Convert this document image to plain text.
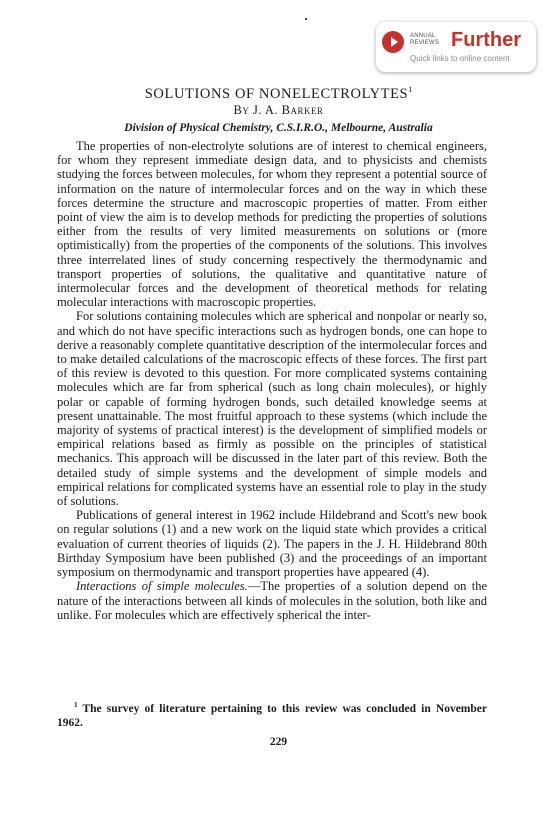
ANNUAL REVIEWS Further
Quick links to online content
SOLUTIONS OF NONELECTROLYTES$^1$
By J. A. Barker
Division of Physical Chemistry, C.S.I.R.O., Melbourne, Australia

The properties of non-electrolyte solutions are of interest to chemical engineers, for whom they represent immediate design data, and to physicists and chemists studying the forces between molecules, for whom they represent a potential source of information on the nature of intermolecular forces and on the way in which these forces determine the structure and macroscopic properties of matter. From either point of view the aim is to develop methods for predicting the properties of solutions either from the results of very limited measurements on solutions or (more optimistically) from the properties of the components of the solutions. This involves three interrelated lines of study concerning respectively the thermodynamic and transport properties of solutions, the qualitative and quantitative nature of intermolecular forces and the development of theoretical methods for relating molecular interactions with macroscopic properties.

For solutions containing molecules which are spherical and nonpolar or nearly so, and which do not have specific interactions such as hydrogen bonds, one can hope to derive a reasonably complete quantitative description of the intermolecular forces and to make detailed calculations of the macroscopic effects of these forces. The first part of this review is devoted to this question. For more complicated systems containing molecules which are far from spherical (such as long chain molecules), or highly polar or capable of forming hydrogen bonds, such detailed knowledge seems at present unattainable. The most fruitful approach to these systems (which include the majority of systems of practical interest) is the development of simplified models or empirical relations based as firmly as possible on the principles of statistical mechanics. This approach will be discussed in the later part of this review. Both the detailed study of simple systems and the development of simple models and empirical relations for complicated systems have an essential role to play in the study of solutions.

Publications of general interest in 1962 include Hildebrand and Scott's new book on regular solutions (1) and a new work on the liquid state which provides a critical evaluation of current theories of liquids (2). The papers in the J. H. Hildebrand 80th Birthday Symposium have been published (3) and the proceedings of an important symposium on thermodynamic and transport properties have appeared (4).

Interactions of simple molecules.—The properties of a solution depend on the nature of the interactions between all kinds of molecules in the solution, both like and unlike. For molecules which are effectively spherical the inter-

$^1$ The survey of literature pertaining to this review was concluded in November 1962.
229
